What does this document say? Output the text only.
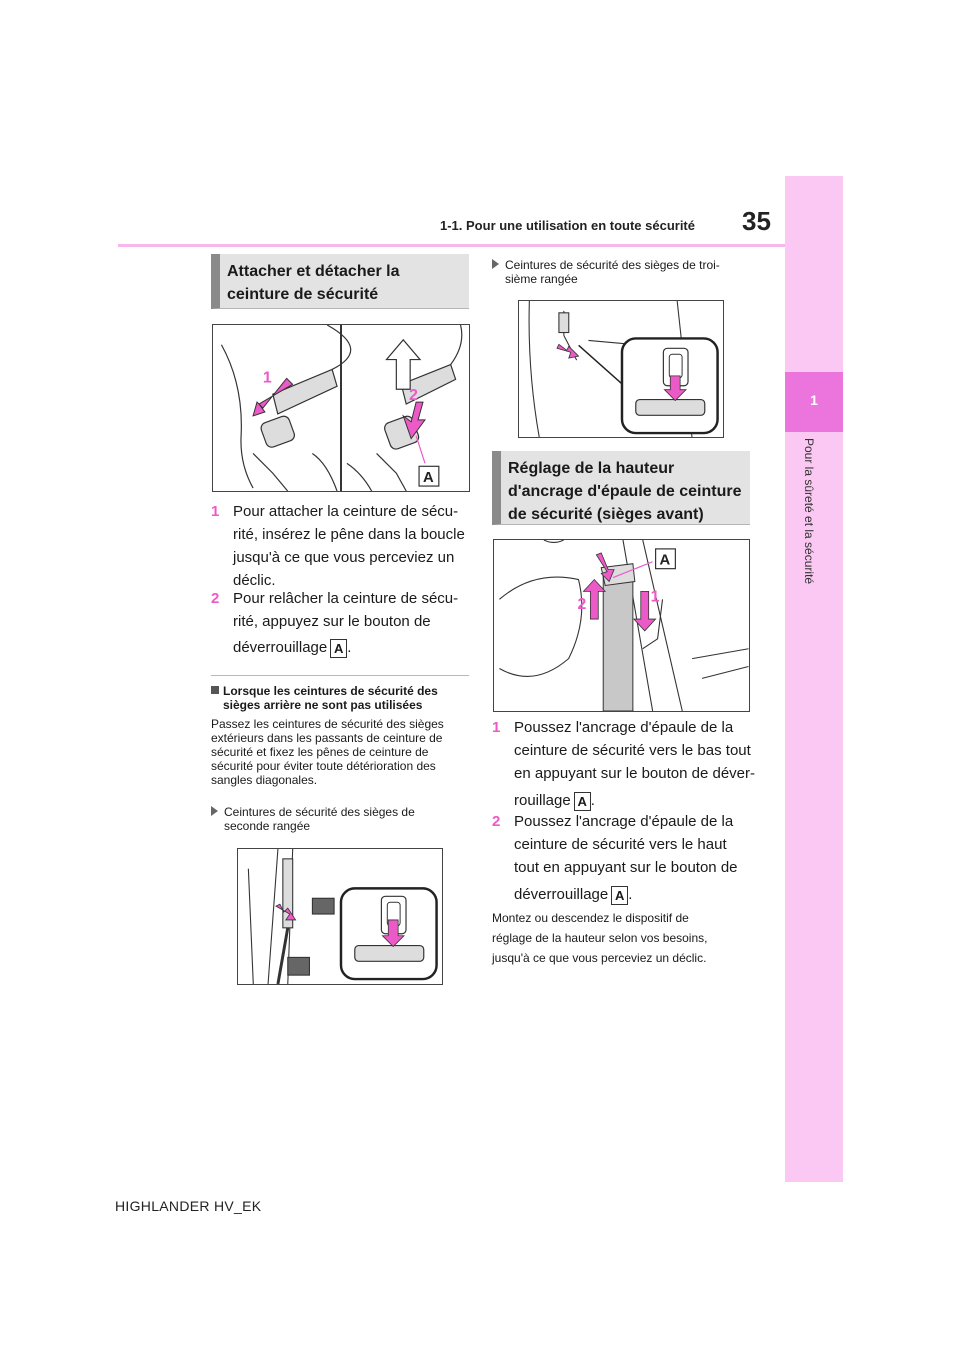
1-1. Pour une utilisation en toute sécurité 35
1
Pour la sûreté et la sécurité
Attacher et détacher la ceinture de sécurité
1
2
A
1 Pour attacher la ceinture de sécu-
rité, insérez le pêne dans la boucle
jusqu'à ce que vous perceviez un
déclic.
2 Pour relâcher la ceinture de sécu-
rité, appuyez sur le bouton de
déverrouillage A .
Lorsque les ceintures de sécurité des
sièges arrière ne sont pas utilisées
Passez les ceintures de sécurité des sièges
extérieurs dans les passants de ceinture de
sécurité et fixez les pênes de ceinture de
sécurité pour éviter toute détérioration des
sangles diagonales.
Ceintures de sécurité des sièges de
seconde rangée
Ceintures de sécurité des sièges de troi-
sième rangée
Réglage de la hauteur d'ancrage d'épaule de ceinture de sécurité (sièges avant)
A
1
2
1 Poussez l'ancrage d'épaule de la
ceinture de sécurité vers le bas tout
en appuyant sur le bouton de déver-
rouillage A .
2 Poussez l'ancrage d'épaule de la
ceinture de sécurité vers le haut
tout en appuyant sur le bouton de
déverrouillage A .
Montez ou descendez le dispositif de
réglage de la hauteur selon vos besoins,
jusqu'à ce que vous perceviez un déclic.
HIGHLANDER HV_EK
